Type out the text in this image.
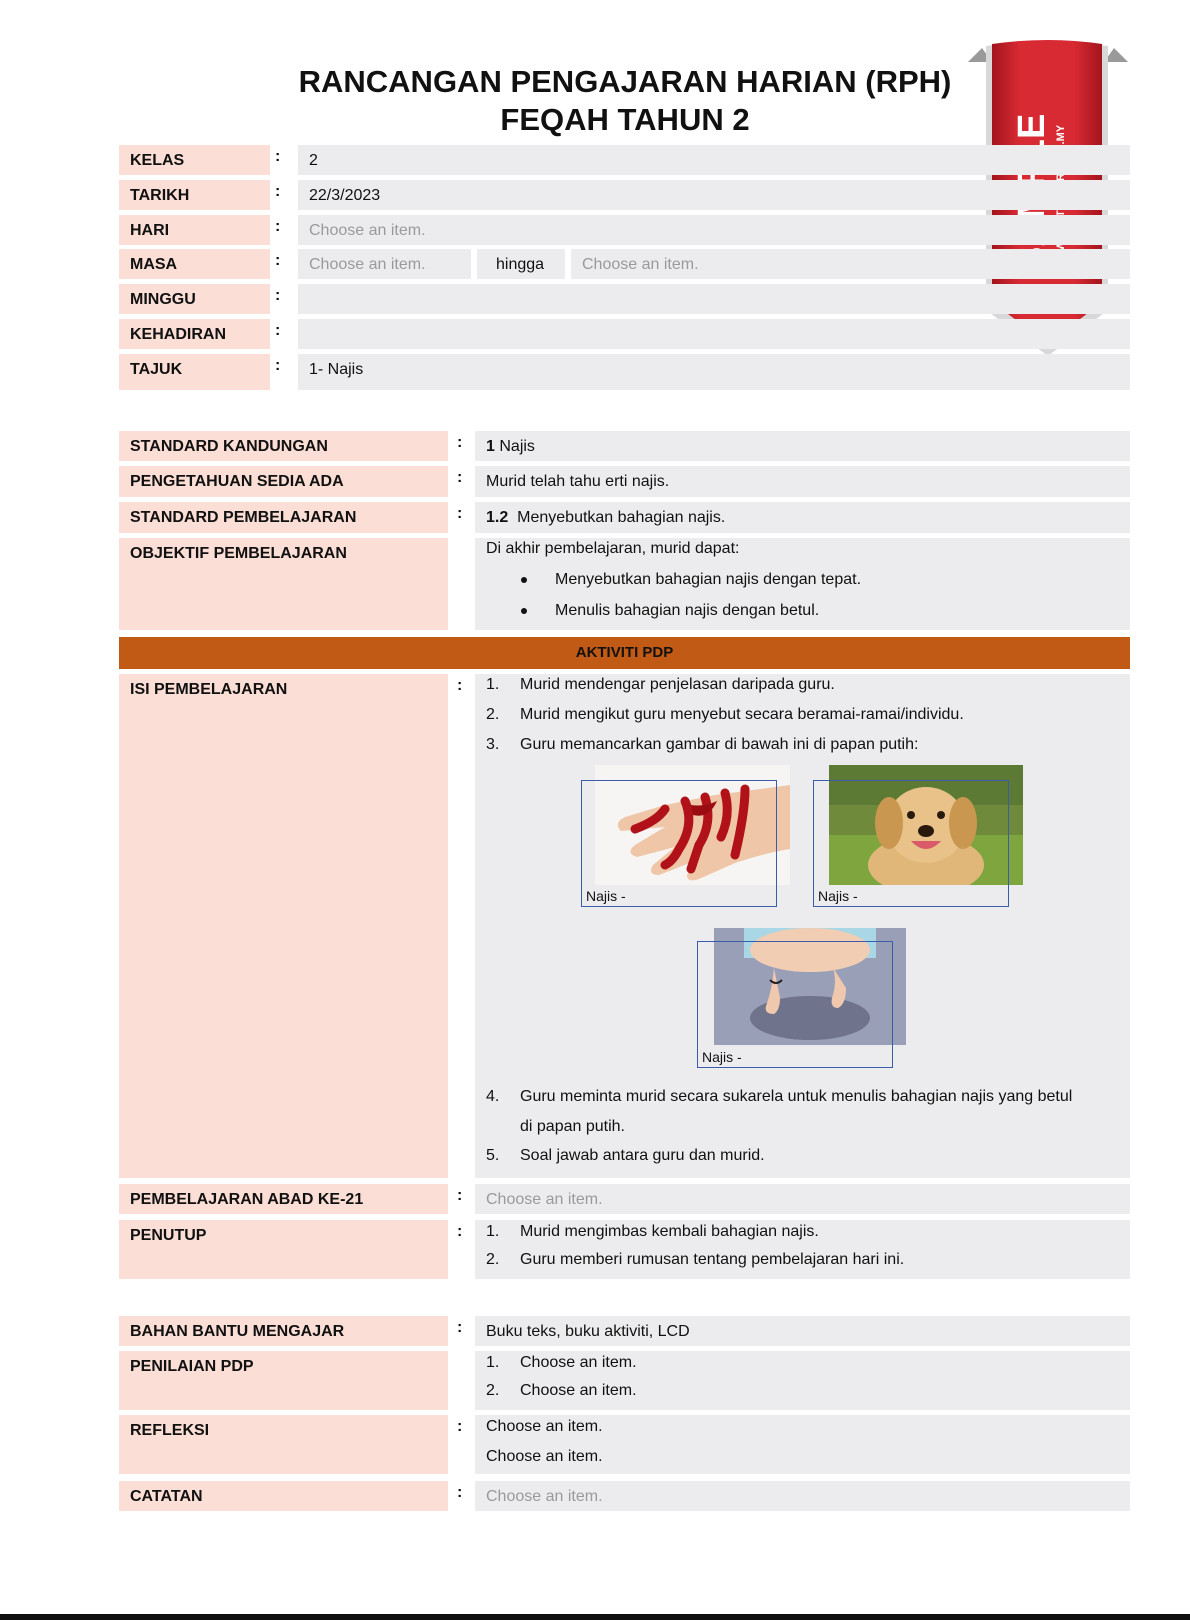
RANCANGAN PENGAJARAN HARIAN (RPH)
FEQAH TAHUN 2
KELAS	:	2
TARIKH	:	22/3/2023
HARI	:	Choose an item.
MASA	:	Choose an item.	hingga	Choose an item.
MINGGU	:
KEHADIRAN	:
TAJUK	:	1- Najis
STANDARD KANDUNGAN	:	1 Najis
PENGETAHUAN SEDIA ADA	:	Murid telah tahu erti najis.
STANDARD PEMBELAJARAN	:	1.2 Menyebutkan bahagian najis.
OBJEKTIF PEMBELAJARAN	Di akhir pembelajaran, murid dapat:
Menyebutkan bahagian najis dengan tepat.
Menulis bahagian najis dengan betul.
AKTIVITI PDP
ISI PEMBELAJARAN	: 1. Murid mendengar penjelasan daripada guru.
2. Murid mengikut guru menyebut secara beramai-ramai/individu.
3. Guru memancarkan gambar di bawah ini di papan putih:
Najis -	Najis -
Najis -
4. Guru meminta murid secara sukarela untuk menulis bahagian najis yang betul
di papan putih.
5. Soal jawab antara guru dan murid.
PEMBELAJARAN ABAD KE-21	:	Choose an item.
PENUTUP	: 1. Murid mengimbas kembali bahagian najis.
2. Guru memberi rumusan tentang pembelajaran hari ini.
BAHAN BANTU MENGAJAR	:	Buku teks, buku aktiviti, LCD
PENILAIAN PDP	1. Choose an item.
2. Choose an item.
REFLEKSI	: Choose an item.
Choose an item.
CATATAN	:	Choose an item.
